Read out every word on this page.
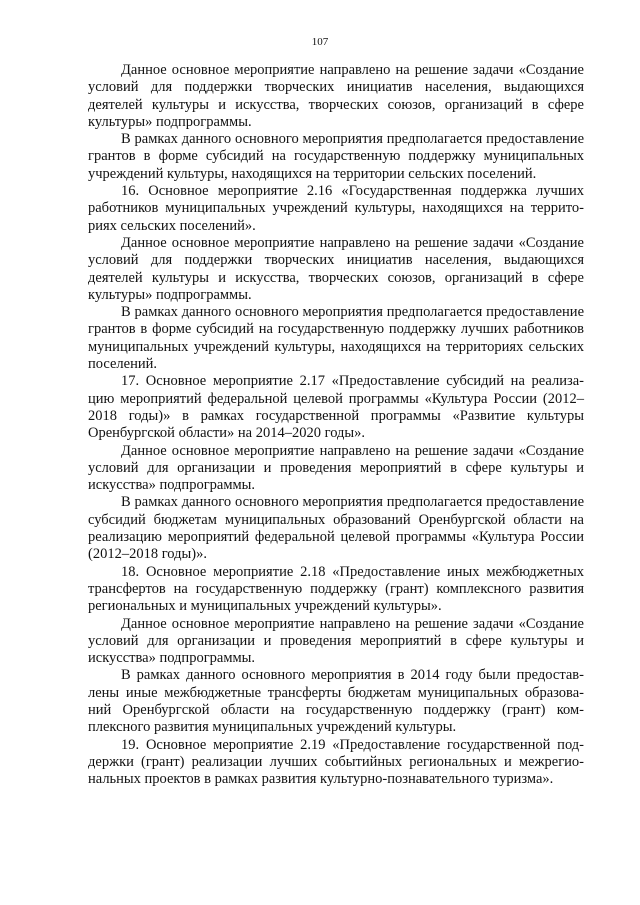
107

Данное основное мероприятие направлено на решение задачи «Создание условий для поддержки творческих инициатив населения, выдающихся деятелей культуры и искусства, творческих союзов, организаций в сфере культуры» подпрограммы.

В рамках данного основного мероприятия предполагается предоставление грантов в форме субсидий на государственную поддержку муниципальных учреждений культуры, находящихся на территории сельских поселений.

16. Основное мероприятие 2.16 «Государственная поддержка лучших работников муниципальных учреждений культуры, находящихся на территориях сельских поселений».

Данное основное мероприятие направлено на решение задачи «Создание условий для поддержки творческих инициатив населения, выдающихся деятелей культуры и искусства, творческих союзов, организаций в сфере культуры» подпрограммы.

В рамках данного основного мероприятия предполагается предоставление грантов в форме субсидий на государственную поддержку лучших работников муниципальных учреждений культуры, находящихся на территориях сельских поселений.

17. Основное мероприятие 2.17 «Предоставление субсидий на реализацию мероприятий федеральной целевой программы «Культура России (2012–2018 годы)» в рамках государственной программы «Развитие культуры Оренбургской области» на 2014–2020 годы».

Данное основное мероприятие направлено на решение задачи «Создание условий для организации и проведения мероприятий в сфере культуры и искусства» подпрограммы.

В рамках данного основного мероприятия предполагается предоставление субсидий бюджетам муниципальных образований Оренбургской области на реализацию мероприятий федеральной целевой программы «Культура России (2012–2018 годы)».

18. Основное мероприятие 2.18 «Предоставление иных межбюджетных трансфертов на государственную поддержку (грант) комплексного развития региональных и муниципальных учреждений культуры».

Данное основное мероприятие направлено на решение задачи «Создание условий для организации и проведения мероприятий в сфере культуры и искусства» подпрограммы.

В рамках данного основного мероприятия в 2014 году были предоставлены иные межбюджетные трансферты бюджетам муниципальных образований Оренбургской области на государственную поддержку (грант) комплексного развития муниципальных учреждений культуры.

19. Основное мероприятие 2.19 «Предоставление государственной поддержки (грант) реализации лучших событийных региональных и межрегиональных проектов в рамках развития культурно-познавательного туризма».
